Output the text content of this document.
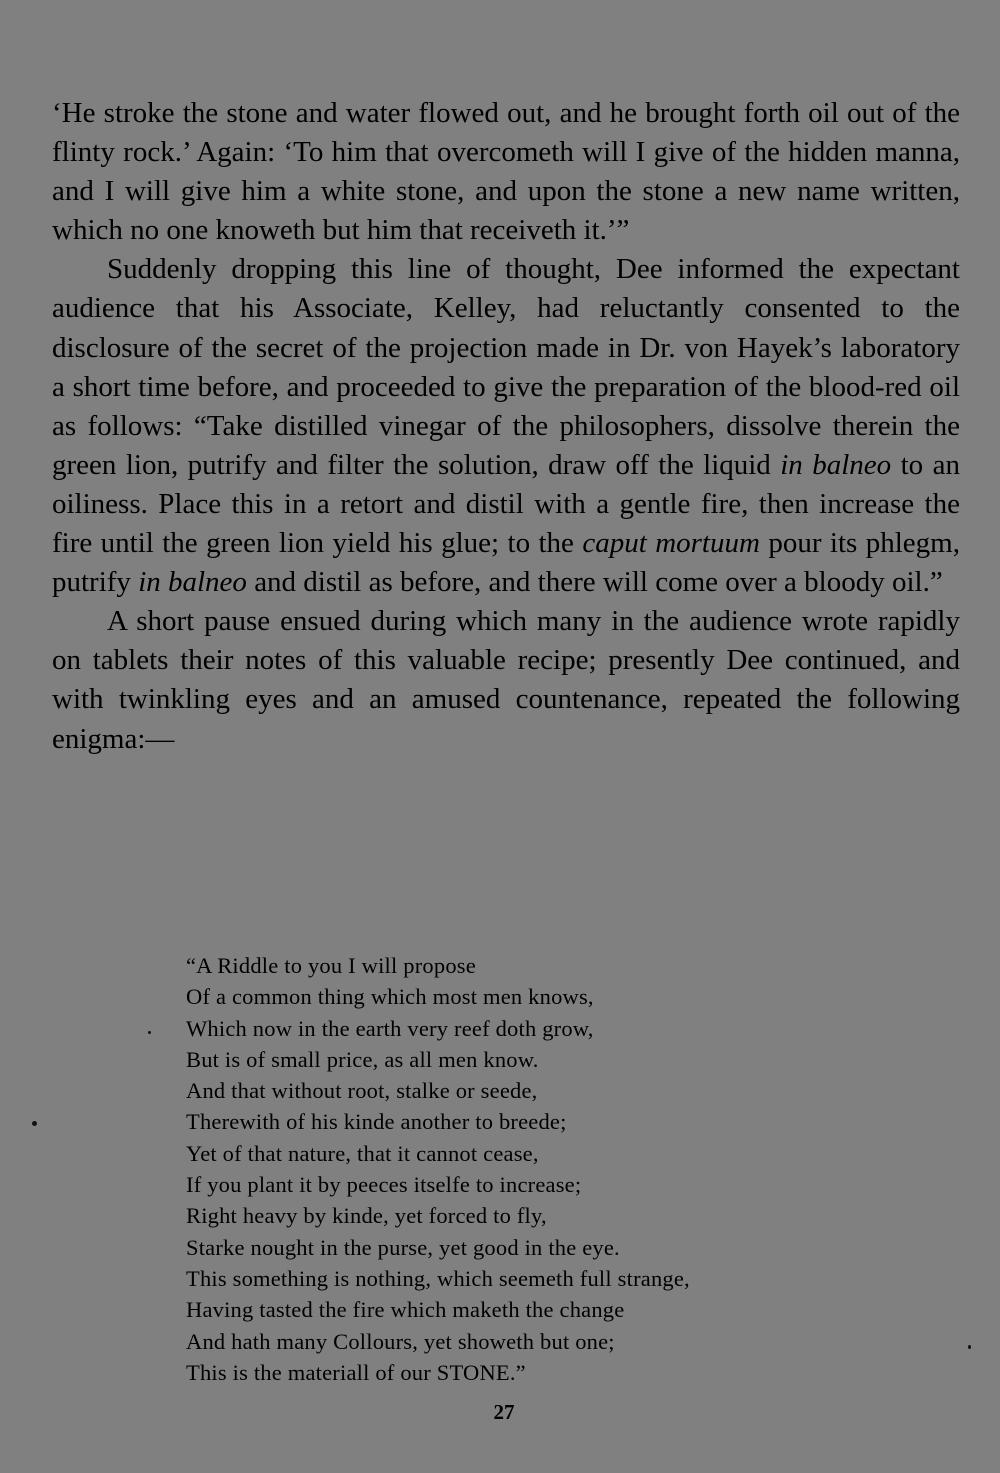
‘He stroke the stone and water flowed out, and he brought forth oil out of the flinty rock.’ Again: ‘To him that overcometh will I give of the hidden manna, and I will give him a white stone, and upon the stone a new name written, which no one knoweth but him that receiveth it.’”

Suddenly dropping this line of thought, Dee informed the expectant audience that his Associate, Kelley, had reluctantly consented to the disclosure of the secret of the projection made in Dr. von Hayek’s laboratory a short time before, and proceeded to give the preparation of the blood-red oil as follows: “Take distilled vinegar of the philosophers, dissolve therein the green lion, putrify and filter the solution, draw off the liquid in balneo to an oiliness. Place this in a retort and distil with a gentle fire, then increase the fire until the green lion yield his glue; to the caput mortuum pour its phlegm, putrify in balneo and distil as before, and there will come over a bloody oil.”

A short pause ensued during which many in the audience wrote rapidly on tablets their notes of this valuable recipe; presently Dee continued, and with twinkling eyes and an amused countenance, repeated the following enigma:—

“A Riddle to you I will propose
Of a common thing which most men knows,
Which now in the earth very reef doth grow,
But is of small price, as all men know.
And that without root, stalke or seede,
Therewith of his kinde another to breede;
Yet of that nature, that it cannot cease,
If you plant it by peeces itselfe to increase;
Right heavy by kinde, yet forced to fly,
Starke nought in the purse, yet good in the eye.
This something is nothing, which seemeth full strange,
Having tasted the fire which maketh the change
And hath many Collours, yet showeth but one;
This is the materiall of our STONE.”
27
